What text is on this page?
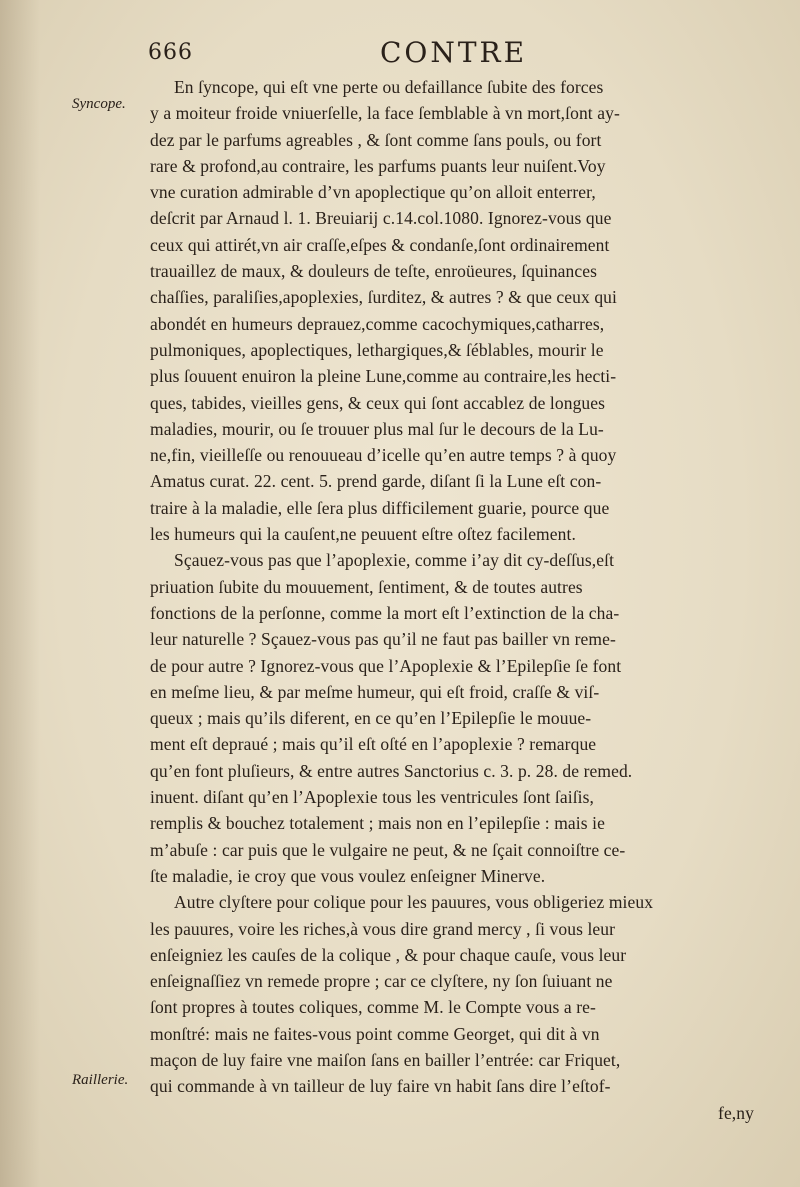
666	CONTRE
Syncope.
Raillerie.
En ſyncope, qui eſt vne perte ou defaillance ſubite des forces
y a moiteur froide vniuerſelle, la face ſemblable à vn mort,ſont ay-
dez par le parfums agreables , & ſont comme ſans pouls, ou fort
rare & profond,au contraire, les parfums puants leur nuiſent.Voy
vne curation admirable d’vn apoplectique qu’on alloit enterrer,
deſcrit par Arnaud l. 1. Breuiarij c.14.col.1080. Ignorez-vous que
ceux qui attirét,vn air craſſe,eſpes & condanſe,ſont ordinairement
trauaillez de maux, & douleurs de teſte, enroüeures, ſquinances
chaſſies, paraliſies,apoplexies, ſurditez, & autres ? & que ceux qui
abondét en humeurs deprauez,comme cacochymiques,catharres,
pulmoniques, apoplectiques, lethargiques,& ſéblables, mourir le
plus ſouuent enuiron la pleine Lune,comme au contraire,les hecti-
ques, tabides, vieilles gens, & ceux qui ſont accablez de longues
maladies, mourir, ou ſe trouuer plus mal ſur le decours de la Lu-
ne,fin, vieilleſſe ou renouueau d’icelle qu’en autre temps ? à quoy
Amatus curat. 22. cent. 5. prend garde, diſant ſi la Lune eſt con-
traire à la maladie, elle ſera plus difficilement guarie, pource que
les humeurs qui la cauſent,ne peuuent eſtre oſtez facilement.
Sçauez-vous pas que l’apoplexie, comme i’ay dit cy-deſſus,eſt
priuation ſubite du mouuement, ſentiment, & de toutes autres
fonctions de la perſonne, comme la mort eſt l’extinction de la cha-
leur naturelle ? Sçauez-vous pas qu’il ne faut pas bailler vn reme-
de pour autre ? Ignorez-vous que l’Apoplexie & l’Epilepſie ſe font
en meſme lieu, & par meſme humeur, qui eſt froid, craſſe & viſ-
queux ; mais qu’ils diferent, en ce qu’en l’Epilepſie le mouue-
ment eſt depraué ; mais qu’il eſt oſté en l’apoplexie ? remarque
qu’en font pluſieurs, & entre autres Sanctorius c. 3. p. 28. de remed.
inuent. diſant qu’en l’Apoplexie tous les ventricules ſont ſaiſis,
remplis & bouchez totalement ; mais non en l’epilepſie : mais ie
m’abuſe : car puis que le vulgaire ne peut, & ne ſçait connoiſtre ce-
ſte maladie, ie croy que vous voulez enſeigner Minerve.
Autre clyſtere pour colique pour les pauures, vous obligeriez mieux
les pauures, voire les riches,à vous dire grand mercy , ſi vous leur
enſeigniez les cauſes de la colique , & pour chaque cauſe, vous leur
enſeignaſſiez vn remede propre ; car ce clyſtere, ny ſon ſuiuant ne
ſont propres à toutes coliques, comme M. le Compte vous a re-
monſtré: mais ne faites-vous point comme Georget, qui dit à vn
maçon de luy faire vne maiſon ſans en bailler l’entrée: car Friquet,
qui commande à vn tailleur de luy faire vn habit ſans dire l’eſtof-
fe,ny
